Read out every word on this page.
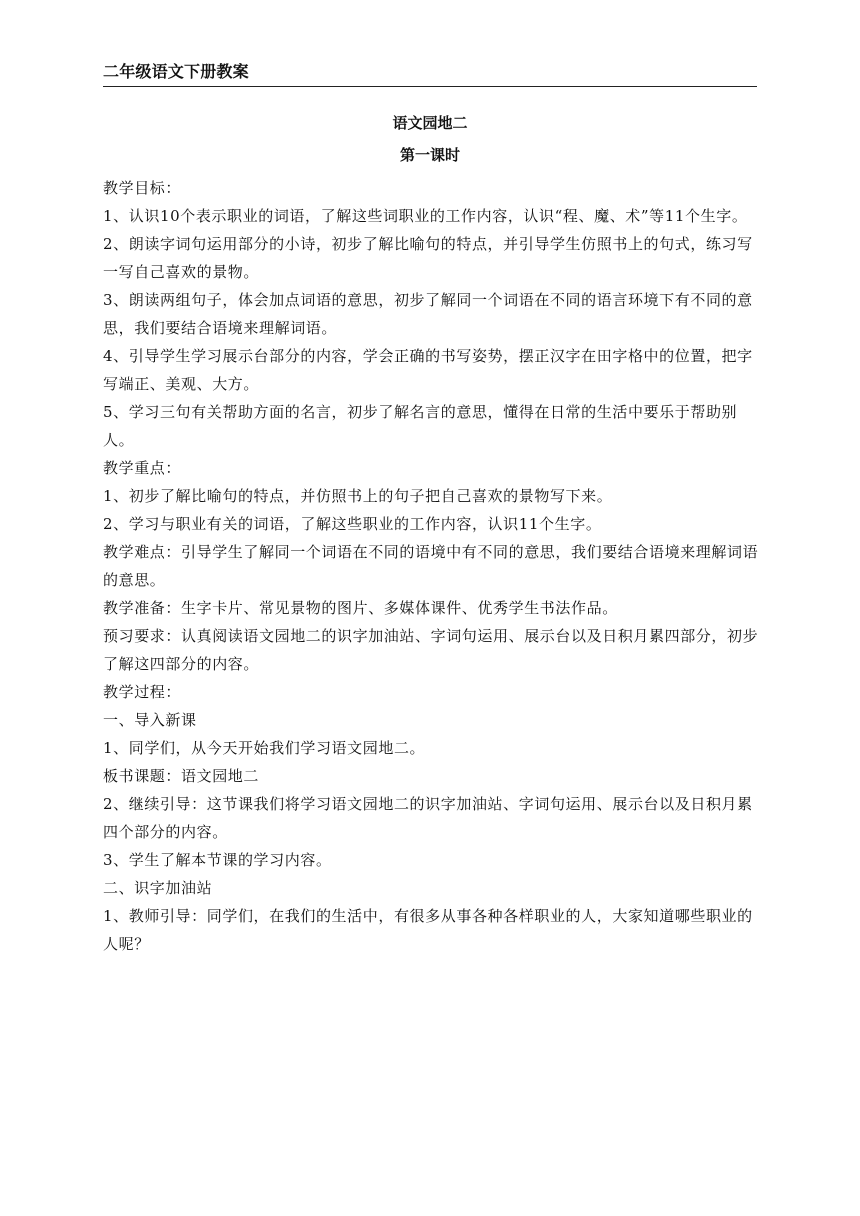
二年级语文下册教案
语文园地二
第一课时

教学目标：

1、认识10个表示职业的词语，了解这些词职业的工作内容，认识“程、魔、术”等11个生字。

2、朗读字词句运用部分的小诗，初步了解比喻句的特点，并引导学生仿照书上的句式，练习写一写自己喜欢的景物。

3、朗读两组句子，体会加点词语的意思，初步了解同一个词语在不同的语言环境下有不同的意思，我们要结合语境来理解词语。

4、引导学生学习展示台部分的内容，学会正确的书写姿势，摆正汉字在田字格中的位置，把字写端正、美观、大方。

5、学习三句有关帮助方面的名言，初步了解名言的意思，懂得在日常的生活中要乐于帮助别人。

教学重点：

1、初步了解比喻句的特点，并仿照书上的句子把自己喜欢的景物写下来。

2、学习与职业有关的词语，了解这些职业的工作内容，认识11个生字。

教学难点：引导学生了解同一个词语在不同的语境中有不同的意思，我们要结合语境来理解词语的意思。

教学准备：生字卡片、常见景物的图片、多媒体课件、优秀学生书法作品。

预习要求：认真阅读语文园地二的识字加油站、字词句运用、展示台以及日积月累四部分，初步了解这四部分的内容。

教学过程：

一、导入新课

1、同学们，从今天开始我们学习语文园地二。

板书课题：语文园地二

2、继续引导：这节课我们将学习语文园地二的识字加油站、字词句运用、展示台以及日积月累四个部分的内容。

3、学生了解本节课的学习内容。

二、识字加油站

1、教师引导：同学们，在我们的生活中，有很多从事各种各样职业的人，大家知道哪些职业的人呢？
